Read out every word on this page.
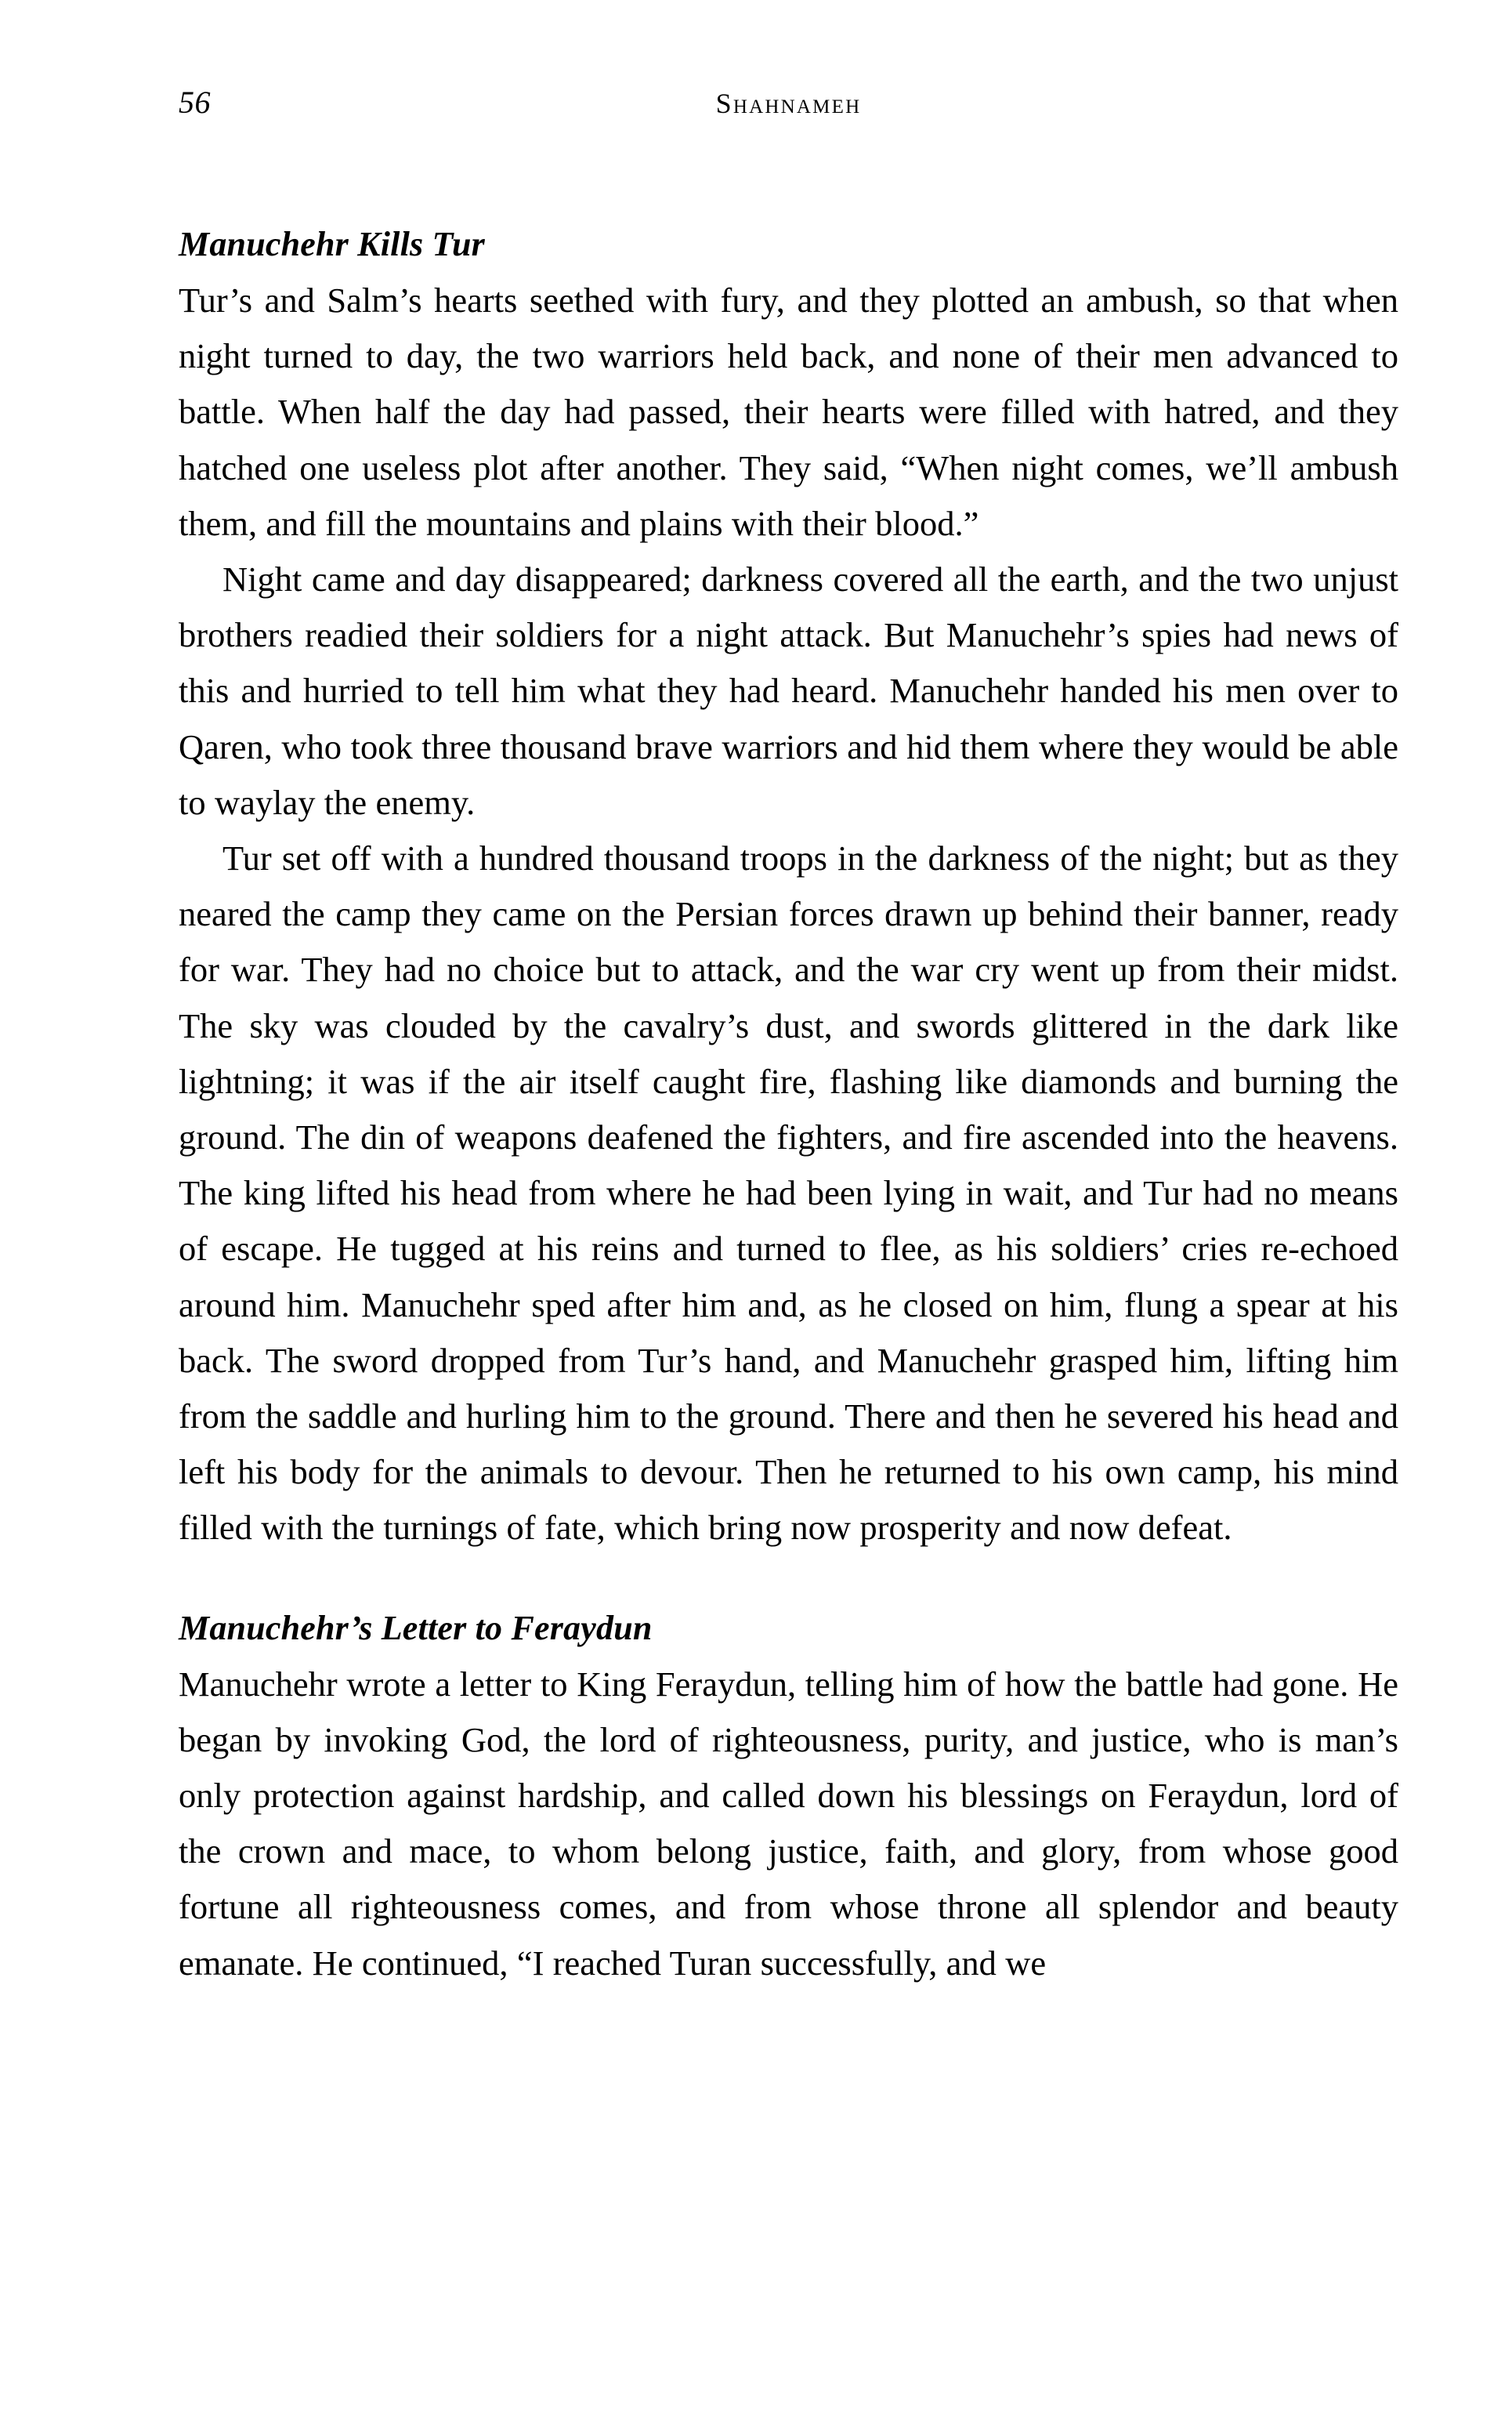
56	Shahnameh
Manuchehr Kills Tur

Tur’s and Salm’s hearts seethed with fury, and they plotted an ambush, so that when night turned to day, the two warriors held back, and none of their men advanced to battle. When half the day had passed, their hearts were filled with hatred, and they hatched one useless plot after another. They said, “When night comes, we’ll ambush them, and fill the mountains and plains with their blood.”

Night came and day disappeared; darkness covered all the earth, and the two unjust brothers readied their soldiers for a night attack. But Manuchehr’s spies had news of this and hurried to tell him what they had heard. Manuchehr handed his men over to Qaren, who took three thousand brave warriors and hid them where they would be able to waylay the enemy.

Tur set off with a hundred thousand troops in the darkness of the night; but as they neared the camp they came on the Persian forces drawn up behind their banner, ready for war. They had no choice but to attack, and the war cry went up from their midst. The sky was clouded by the cavalry’s dust, and swords glittered in the dark like lightning; it was if the air itself caught fire, flashing like diamonds and burning the ground. The din of weapons deafened the fighters, and fire ascended into the heavens. The king lifted his head from where he had been lying in wait, and Tur had no means of escape. He tugged at his reins and turned to flee, as his soldiers’ cries re-echoed around him. Manuchehr sped after him and, as he closed on him, flung a spear at his back. The sword dropped from Tur’s hand, and Manuchehr grasped him, lifting him from the saddle and hurling him to the ground. There and then he severed his head and left his body for the animals to devour. Then he returned to his own camp, his mind filled with the turnings of fate, which bring now prosperity and now defeat.

Manuchehr’s Letter to Feraydun

Manuchehr wrote a letter to King Feraydun, telling him of how the battle had gone. He began by invoking God, the lord of righteousness, purity, and justice, who is man’s only protection against hardship, and called down his blessings on Feraydun, lord of the crown and mace, to whom belong justice, faith, and glory, from whose good fortune all righteousness comes, and from whose throne all splendor and beauty emanate. He continued, “I reached Turan successfully, and we
